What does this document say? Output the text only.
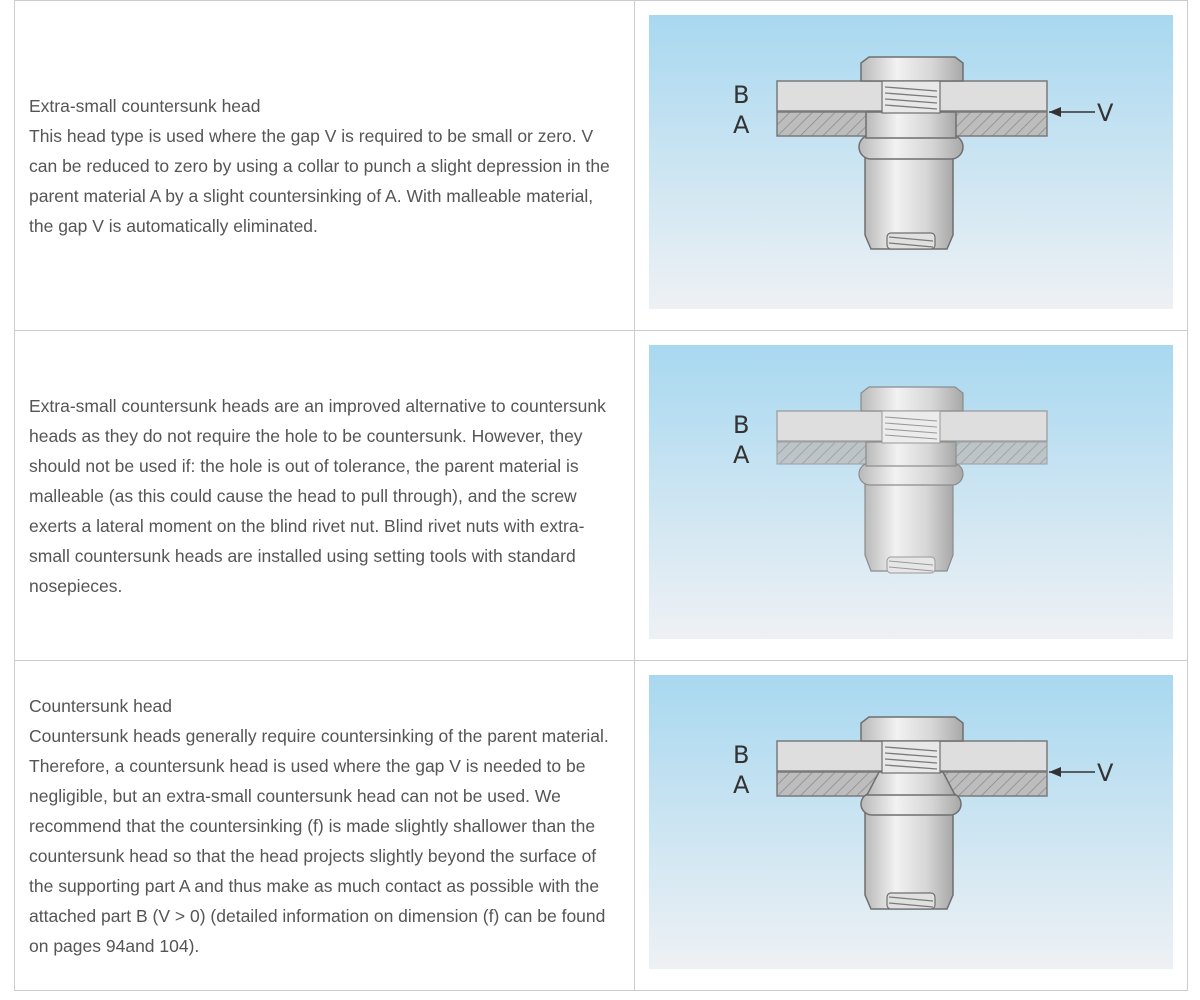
Extra-small countersunk head

This head type is used where the gap V is required to be small or zero. V can be reduced to zero by using a collar to punch a slight depression in the parent material A by a slight countersinking of A. With malleable material, the gap V is automatically eliminated.

B
A	V

Extra-small countersunk heads are an improved alternative to countersunk heads as they do not require the hole to be countersunk. However, they should not be used if: the hole is out of tolerance, the parent material is malleable (as this could cause the head to pull through), and the screw exerts a lateral moment on the blind rivet nut. Blind rivet nuts with extra-small countersunk heads are installed using setting tools with standard nosepieces.

B
A
Countersunk head

Countersunk heads generally require countersinking of the parent material. Therefore, a countersunk head is used where the gap V is needed to be negligible, but an extra-small countersunk head can not be used. We recommend that the countersinking (f) is made slightly shallower than the countersunk head so that the head projects slightly beyond the surface of the supporting part A and thus make as much contact as possible with the attached part B (V > 0) (detailed information on dimension (f) can be found on pages 94and 104).

B
A	V
